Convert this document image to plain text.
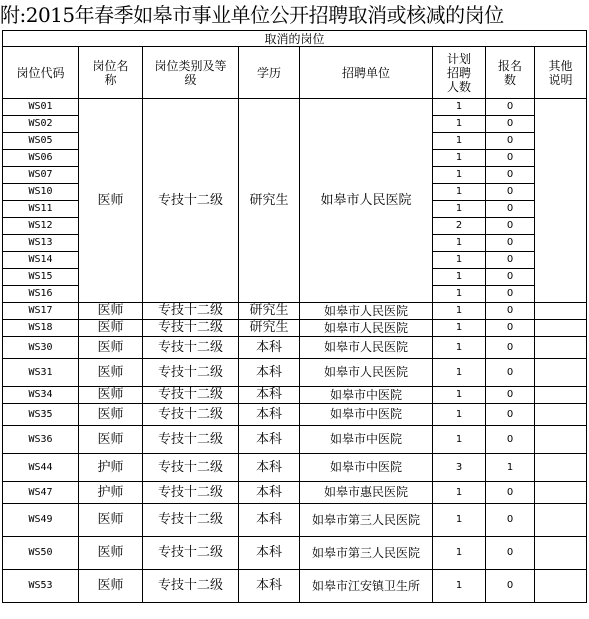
附:2015年春季如皋市事业单位公开招聘取消或核减的岗位
取消的岗位							
岗位代码	岗位名称	岗位类别及等级	学历	招聘单位	计划招聘人数	报名数	其他说明

WS01	医师	专技十二级	研究生	如皋市人民医院	1	0	
WS02					1	0	
WS05					1	0	
WS06					1	0	
WS07					1	0	
WS10					1	0	
WS11					1	0	
WS12					2	0	
WS13					1	0	
WS14					1	0	
WS15					1	0	
WS16					1	0	
WS17	医师	专技十二级	研究生	如皋市人民医院	1	0	
WS18	医师	专技十二级	研究生	如皋市人民医院	1	0	
WS30	医师	专技十二级	本科	如皋市人民医院	1	0	
WS31	医师	专技十二级	本科	如皋市人民医院	1	0	
WS34	医师	专技十二级	本科	如皋市中医院	1	0	
WS35	医师	专技十二级	本科	如皋市中医院	1	0	
WS36	医师	专技十二级	本科	如皋市中医院	1	0	
WS44	护师	专技十二级	本科	如皋市中医院	3	1	
WS47	护师	专技十二级	本科	如皋市惠民医院	1	0	
WS49	医师	专技十二级	本科	如皋市第三人民医院	1	0	
WS50	医师	专技十二级	本科	如皋市第三人民医院	1	0	
WS53	医师	专技十二级	本科	如皋市江安镇卫生所	1	0	
